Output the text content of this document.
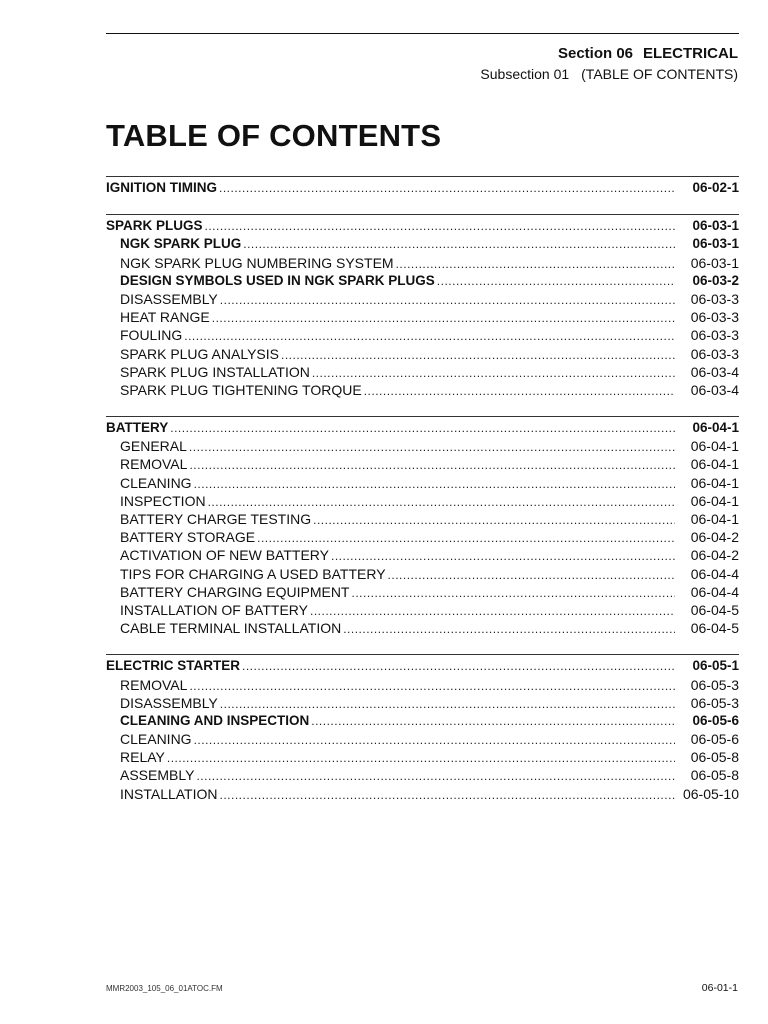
Section 06 ELECTRICAL
Subsection 01 (TABLE OF CONTENTS)
TABLE OF CONTENTS
IGNITION TIMING .....	06-02-1
SPARK PLUGS .....	06-03-1
NGK SPARK PLUG .....	06-03-1
NGK SPARK PLUG NUMBERING SYSTEM .....	06-03-1
DESIGN SYMBOLS USED IN NGK SPARK PLUGS .....	06-03-2
DISASSEMBLY .....	06-03-3
HEAT RANGE .....	06-03-3
FOULING .....	06-03-3
SPARK PLUG ANALYSIS .....	06-03-3
SPARK PLUG INSTALLATION .....	06-03-4
SPARK PLUG TIGHTENING TORQUE .....	06-03-4
BATTERY .....	06-04-1
GENERAL .....	06-04-1
REMOVAL .....	06-04-1
CLEANING .....	06-04-1
INSPECTION .....	06-04-1
BATTERY CHARGE TESTING .....	06-04-1
BATTERY STORAGE .....	06-04-2
ACTIVATION OF NEW BATTERY .....	06-04-2
TIPS FOR CHARGING A USED BATTERY .....	06-04-4
BATTERY CHARGING EQUIPMENT .....	06-04-4
INSTALLATION OF BATTERY .....	06-04-5
CABLE TERMINAL INSTALLATION .....	06-04-5
ELECTRIC STARTER .....	06-05-1
REMOVAL .....	06-05-3
DISASSEMBLY .....	06-05-3
CLEANING AND INSPECTION .....	06-05-6
CLEANING .....	06-05-6
RELAY .....	06-05-8
ASSEMBLY .....	06-05-8
INSTALLATION .....	06-05-10
MMR2003_105_06_01ATOC.FM	06-01-1
